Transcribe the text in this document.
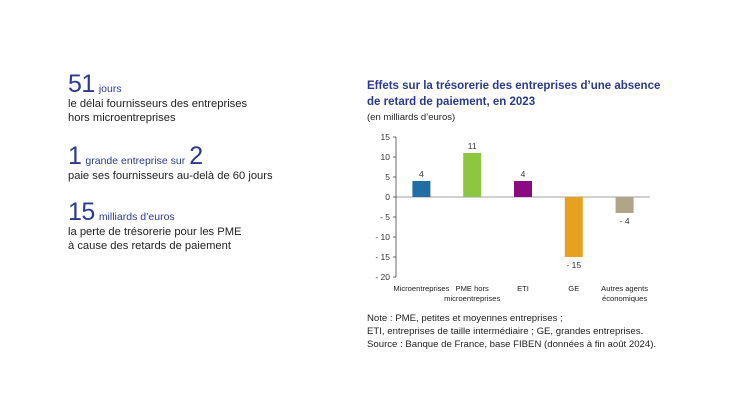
51 jours
le délai fournisseurs des entreprises
hors microentreprises
1 grande entreprise sur 2
paie ses fournisseurs au-delà de 60 jours
15 milliards d’euros
la perte de trésorerie pour les PME
à cause des retards de paiement
Effets sur la trésorerie des entreprises d’une absence
de retard de paiement, en 2023
(en milliards d’euros)
15
10
5
0
- 5
- 10
- 15
- 20
4
Microentreprises
11
PME hors
microentreprises
4
ETI
- 15
GE
- 4
Autres agents
économiques
Note : PME, petites et moyennes entreprises ;
ETI, entreprises de taille intermédiaire ; GE, grandes entreprises.
Source : Banque de France, base FIBEN (données à fin août 2024).
